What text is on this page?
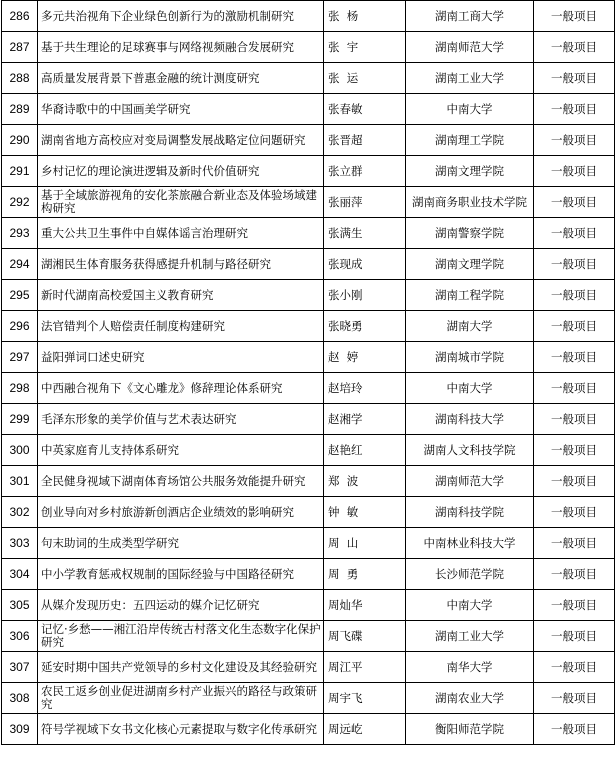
286	多元共治视角下企业绿色创新行为的激励机制研究	张  杨	湖南工商大学	一般项目
287	基于共生理论的足球赛事与网络视频融合发展研究	张  宇	湖南师范大学	一般项目
288	高质量发展背景下普惠金融的统计测度研究	张  运	湖南工业大学	一般项目
289	华裔诗歌中的中国画美学研究	张春敏	中南大学	一般项目
290	湖南省地方高校应对变局调整发展战略定位问题研究	张晋超	湖南理工学院	一般项目
291	乡村记忆的理论演进逻辑及新时代价值研究	张立群	湖南文理学院	一般项目
292	基于全域旅游视角的安化茶旅融合新业态及体验场域建构研究	张丽萍	湖南商务职业技术学院	一般项目
293	重大公共卫生事件中自媒体谣言治理研究	张满生	湖南警察学院	一般项目
294	湖湘民生体育服务获得感提升机制与路径研究	张现成	湖南文理学院	一般项目
295	新时代湖南高校爱国主义教育研究	张小刚	湖南工程学院	一般项目
296	法官错判个人赔偿责任制度构建研究	张晓勇	湖南大学	一般项目
297	益阳弹词口述史研究	赵  婷	湖南城市学院	一般项目
298	中西融合视角下《文心雕龙》修辞理论体系研究	赵培玲	中南大学	一般项目
299	毛泽东形象的美学价值与艺术表达研究	赵湘学	湖南科技大学	一般项目
300	中英家庭育儿支持体系研究	赵艳红	湖南人文科技学院	一般项目
301	全民健身视域下湖南体育场馆公共服务效能提升研究	郑  波	湖南师范大学	一般项目
302	创业导向对乡村旅游新创酒店企业绩效的影响研究	钟  敏	湖南科技学院	一般项目
303	句末助词的生成类型学研究	周  山	中南林业科技大学	一般项目
304	中小学教育惩戒权规制的国际经验与中国路径研究	周  勇	长沙师范学院	一般项目
305	从媒介发现历史：五四运动的媒介记忆研究	周灿华	中南大学	一般项目
306	记忆·乡愁——湘江沿岸传统古村落文化生态数字化保护研究	周飞碟	湖南工业大学	一般项目
307	延安时期中国共产党领导的乡村文化建设及其经验研究	周江平	南华大学	一般项目
308	农民工返乡创业促进湖南乡村产业振兴的路径与政策研究	周宇飞	湖南农业大学	一般项目
309	符号学视域下女书文化核心元素提取与数字化传承研究	周远屹	衡阳师范学院	一般项目
